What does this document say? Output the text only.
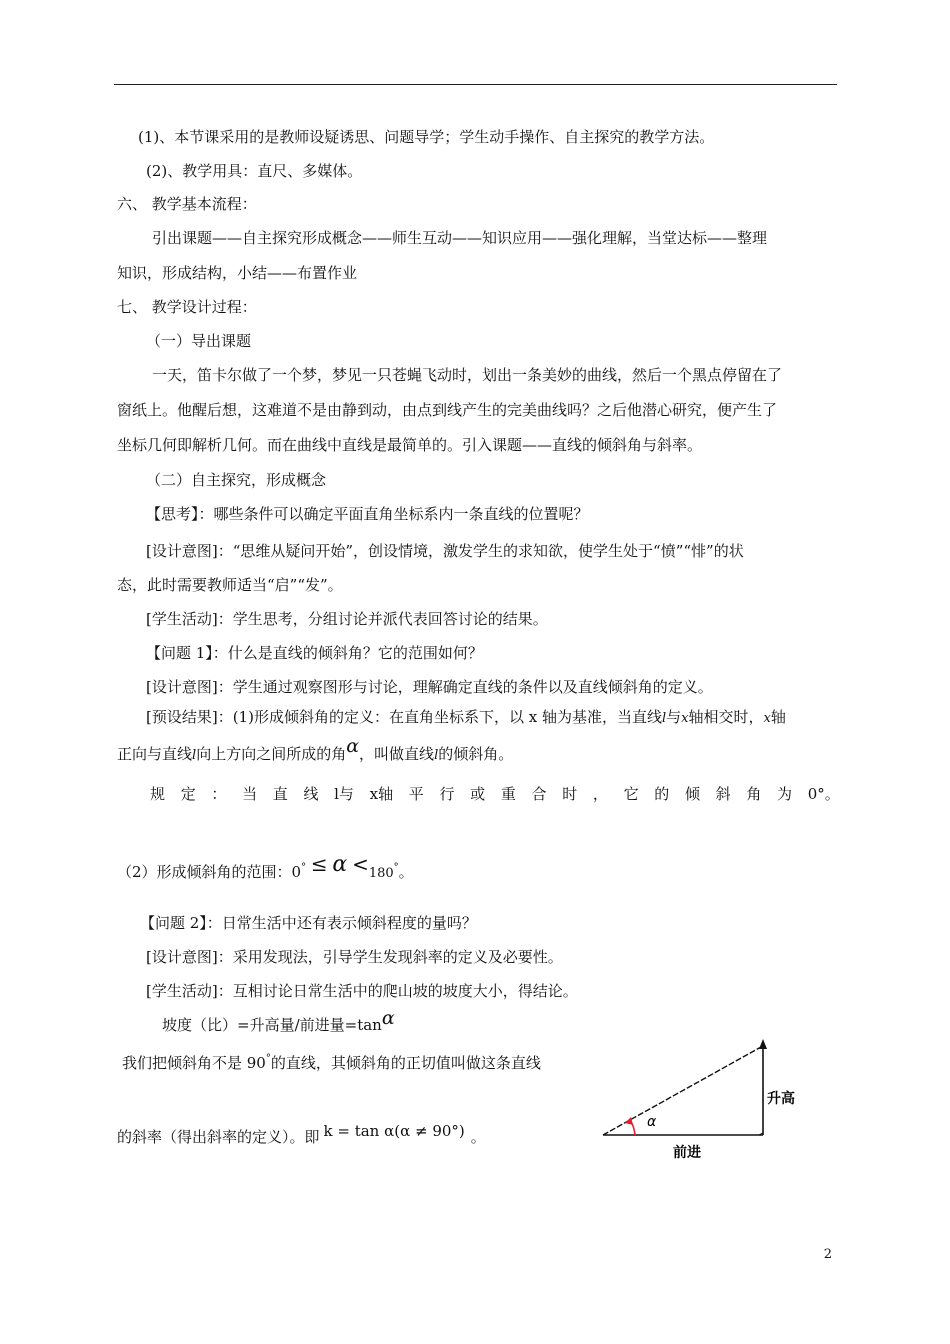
(1)、本节课采用的是教师设疑诱思、问题导学；学生动手操作、自主探究的教学方法。
(2)、教学用具：直尺、多媒体。
六、 教学基本流程：
引出课题——自主探究形成概念——师生互动——知识应用——强化理解，当堂达标——整理
知识，形成结构，小结——布置作业
七、 教学设计过程：
（一）导出课题
一天，笛卡尔做了一个梦，梦见一只苍蝇飞动时，划出一条美妙的曲线，然后一个黑点停留在了
窗纸上。他醒后想，这难道不是由静到动，由点到线产生的完美曲线吗？之后他潜心研究，便产生了
坐标几何即解析几何。而在曲线中直线是最简单的。引入课题——直线的倾斜角与斜率。
（二）自主探究，形成概念
【思考】：哪些条件可以确定平面直角坐标系内一条直线的位置呢？
[设计意图]：“思维从疑问开始”，创设情境，激发学生的求知欲，使学生处于“愤”“悱”的状
态，此时需要教师适当“启”“发”。
[学生活动]：学生思考，分组讨论并派代表回答讨论的结果。
【问题 1】：什么是直线的倾斜角？它的范围如何？
[设计意图]：学生通过观察图形与讨论，理解确定直线的条件以及直线倾斜角的定义。
[预设结果]：(1)形成倾斜角的定义：在直角坐标系下，以 x 轴为基准，当直线l与x轴相交时，x轴
正向与直线l向上方向之间所成的角α，叫做直线l的倾斜角。
规 定 ： 当 直 线 l与 x轴 平 行 或 重 合 时 ， 它 的 倾 斜 角 为 0°。
（2）形成倾斜角的范围：0° ≤ α <180°。
【问题 2】：日常生活中还有表示倾斜程度的量吗？
[设计意图]：采用发现法，引导学生发现斜率的定义及必要性。
[学生活动]：互相讨论日常生活中的爬山坡的坡度大小，得结论。
坡度（比）=升高量/前进量=tanα
我们把倾斜角不是 90°的直线，其倾斜角的正切值叫做这条直线
的斜率（得出斜率的定义）。即 k = tan α(α ≠ 90°) 。
α
升高
前进
2
